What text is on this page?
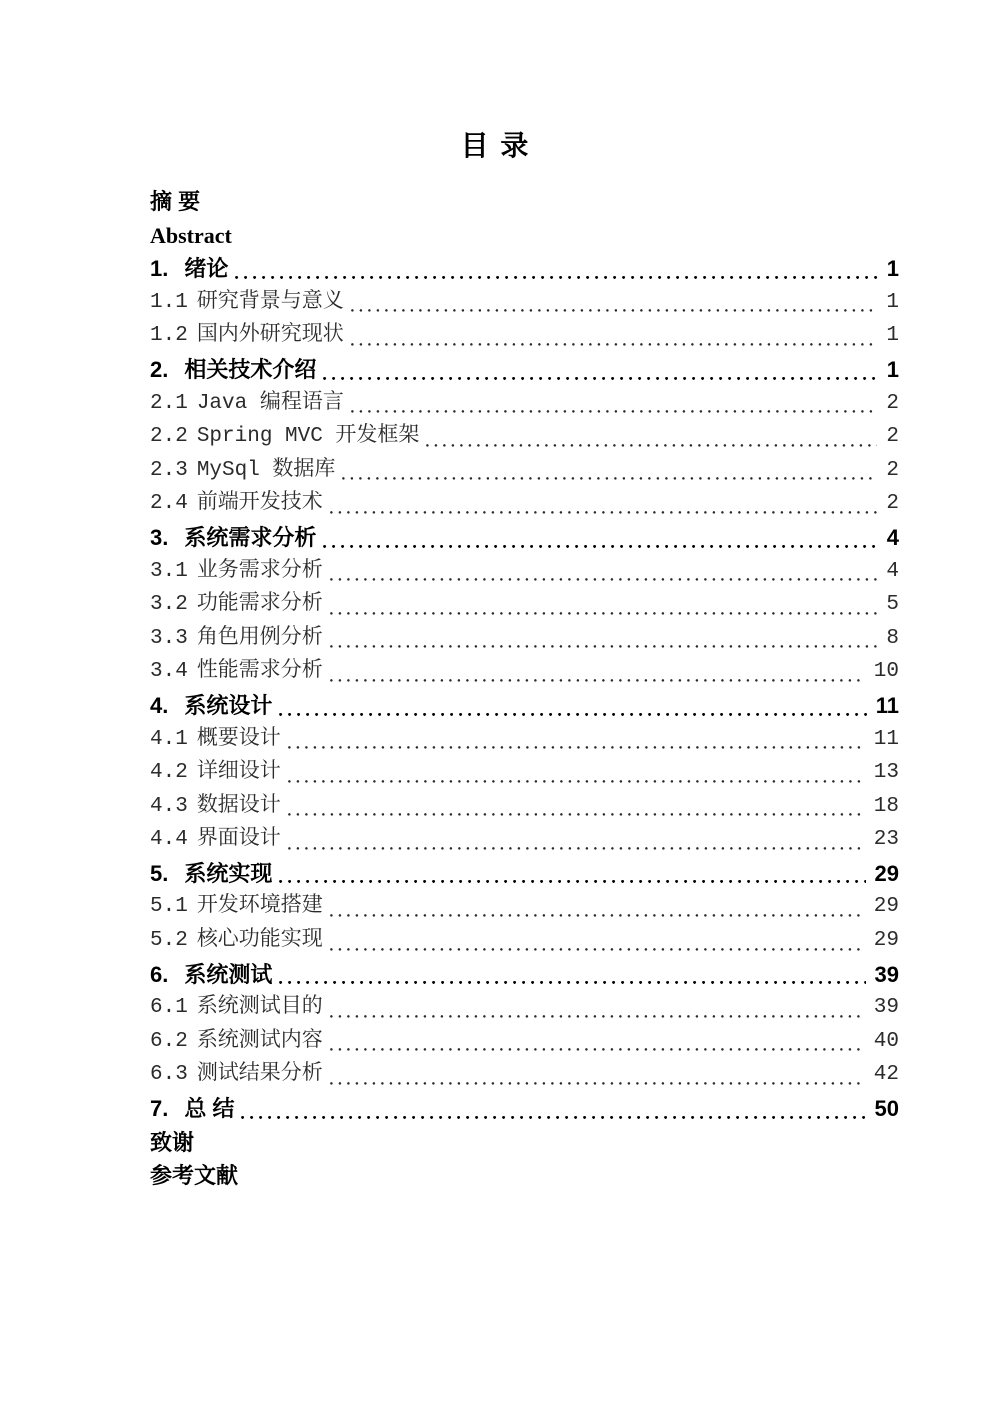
目 录
摘 要
Abstract
1. 绪论	1
1.1 研究背景与意义	1
1.2 国内外研究现状	1
2. 相关技术介绍	1
2.1 Java 编程语言	2
2.2 Spring MVC 开发框架	2
2.3 MySql 数据库	2
2.4 前端开发技术	2
3. 系统需求分析	4
3.1 业务需求分析	4
3.2 功能需求分析	5
3.3 角色用例分析	8
3.4 性能需求分析	10
4. 系统设计	11
4.1 概要设计	11
4.2 详细设计	13
4.3 数据设计	18
4.4 界面设计	23
5. 系统实现	29
5.1 开发环境搭建	29
5.2 核心功能实现	29
6. 系统测试	39
6.1 系统测试目的	39
6.2 系统测试内容	40
6.3 测试结果分析	42
7. 总 结	50
致谢
参考文献
